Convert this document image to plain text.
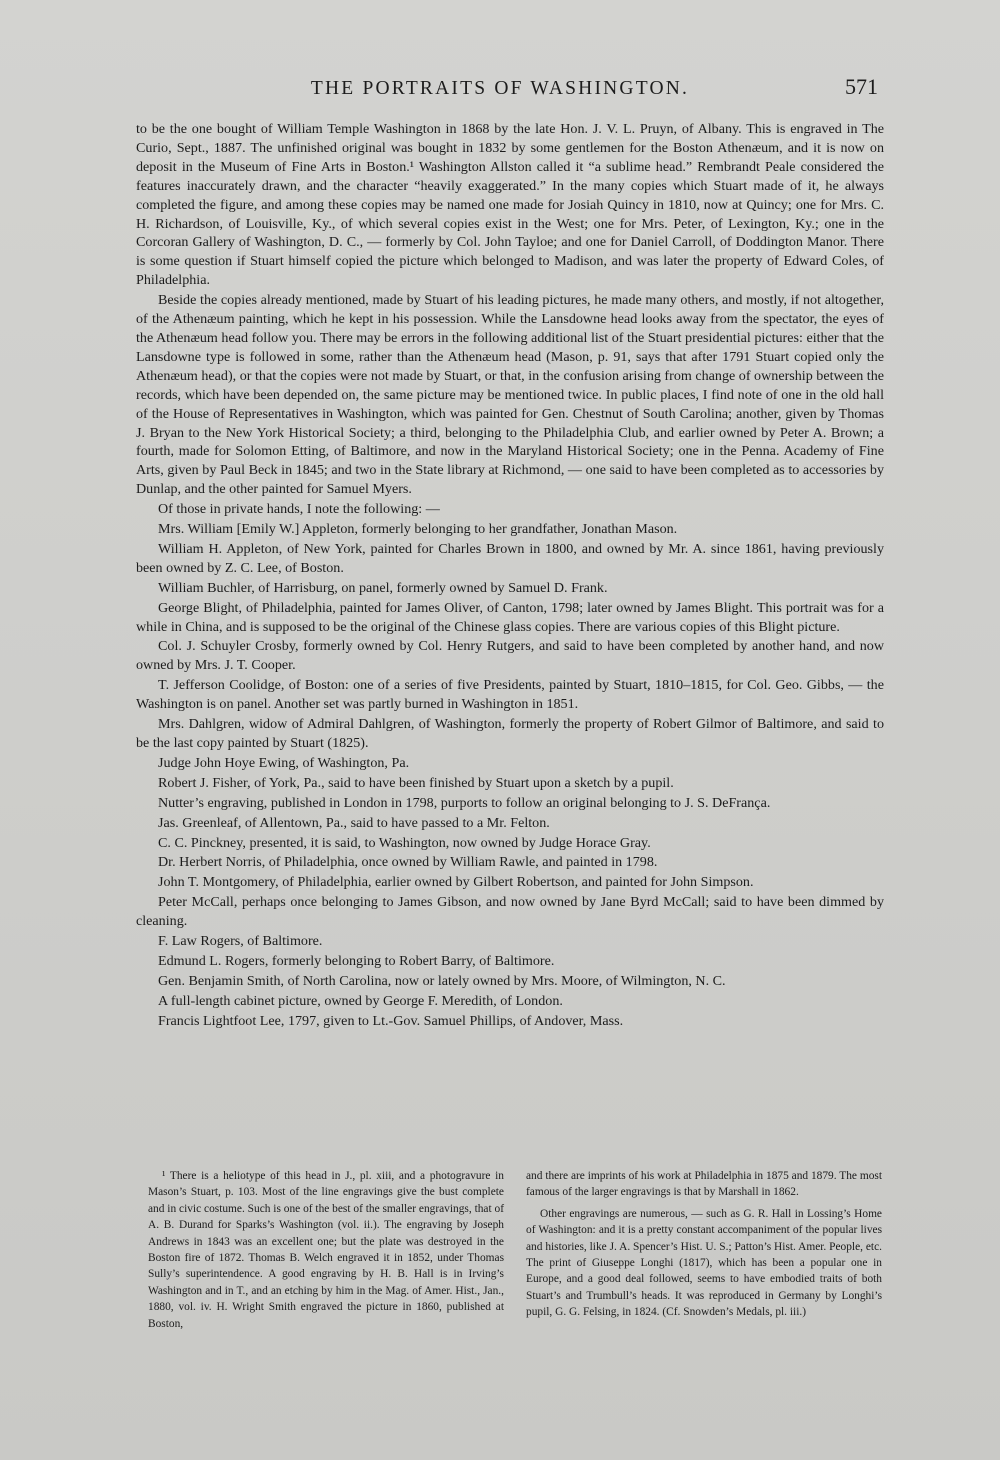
THE PORTRAITS OF WASHINGTON.	571

to be the one bought of William Temple Washington in 1868 by the late Hon. J. V. L. Pruyn, of Albany. This is engraved in The Curio, Sept., 1887. The unfinished original was bought in 1832 by some gentlemen for the Boston Athenæum, and it is now on deposit in the Museum of Fine Arts in Boston.¹ Washington Allston called it “a sublime head.” Rembrandt Peale considered the features inaccurately drawn, and the character “heavily exaggerated.” In the many copies which Stuart made of it, he always completed the figure, and among these copies may be named one made for Josiah Quincy in 1810, now at Quincy; one for Mrs. C. H. Richardson, of Louisville, Ky., of which several copies exist in the West; one for Mrs. Peter, of Lexington, Ky.; one in the Corcoran Gallery of Washington, D. C., — formerly by Col. John Tayloe; and one for Daniel Carroll, of Doddington Manor. There is some question if Stuart himself copied the picture which belonged to Madison, and was later the property of Edward Coles, of Philadelphia.

Beside the copies already mentioned, made by Stuart of his leading pictures, he made many others, and mostly, if not altogether, of the Athenæum painting, which he kept in his possession. While the Lansdowne head looks away from the spectator, the eyes of the Athenæum head follow you. There may be errors in the following additional list of the Stuart presidential pictures: either that the Lansdowne type is followed in some, rather than the Athenæum head (Mason, p. 91, says that after 1791 Stuart copied only the Athenæum head), or that the copies were not made by Stuart, or that, in the confusion arising from change of ownership between the records, which have been depended on, the same picture may be mentioned twice. In public places, I find note of one in the old hall of the House of Representatives in Washington, which was painted for Gen. Chestnut of South Carolina; another, given by Thomas J. Bryan to the New York Historical Society; a third, belonging to the Philadelphia Club, and earlier owned by Peter A. Brown; a fourth, made for Solomon Etting, of Baltimore, and now in the Maryland Historical Society; one in the Penna. Academy of Fine Arts, given by Paul Beck in 1845; and two in the State library at Richmond, — one said to have been completed as to accessories by Dunlap, and the other painted for Samuel Myers.

Of those in private hands, I note the following: —

Mrs. William [Emily W.] Appleton, formerly belonging to her grandfather, Jonathan Mason.

William H. Appleton, of New York, painted for Charles Brown in 1800, and owned by Mr. A. since 1861, having previously been owned by Z. C. Lee, of Boston.

William Buchler, of Harrisburg, on panel, formerly owned by Samuel D. Frank.

George Blight, of Philadelphia, painted for James Oliver, of Canton, 1798; later owned by James Blight. This portrait was for a while in China, and is supposed to be the original of the Chinese glass copies. There are various copies of this Blight picture.

Col. J. Schuyler Crosby, formerly owned by Col. Henry Rutgers, and said to have been completed by another hand, and now owned by Mrs. J. T. Cooper.

T. Jefferson Coolidge, of Boston: one of a series of five Presidents, painted by Stuart, 1810–1815, for Col. Geo. Gibbs, — the Washington is on panel. Another set was partly burned in Washington in 1851.

Mrs. Dahlgren, widow of Admiral Dahlgren, of Washington, formerly the property of Robert Gilmor of Baltimore, and said to be the last copy painted by Stuart (1825).

Judge John Hoye Ewing, of Washington, Pa.

Robert J. Fisher, of York, Pa., said to have been finished by Stuart upon a sketch by a pupil.

Nutter’s engraving, published in London in 1798, purports to follow an original belonging to J. S. DeFrança.

Jas. Greenleaf, of Allentown, Pa., said to have passed to a Mr. Felton.

C. C. Pinckney, presented, it is said, to Washington, now owned by Judge Horace Gray.

Dr. Herbert Norris, of Philadelphia, once owned by William Rawle, and painted in 1798.

John T. Montgomery, of Philadelphia, earlier owned by Gilbert Robertson, and painted for John Simpson.

Peter McCall, perhaps once belonging to James Gibson, and now owned by Jane Byrd McCall; said to have been dimmed by cleaning.

F. Law Rogers, of Baltimore.

Edmund L. Rogers, formerly belonging to Robert Barry, of Baltimore.

Gen. Benjamin Smith, of North Carolina, now or lately owned by Mrs. Moore, of Wilmington, N. C.

A full-length cabinet picture, owned by George F. Meredith, of London.

Francis Lightfoot Lee, 1797, given to Lt.-Gov. Samuel Phillips, of Andover, Mass.

¹ There is a heliotype of this head in J., pl. xiii, and a photogravure in Mason’s Stuart, p. 103. Most of the line engravings give the bust complete and in civic costume. Such is one of the best of the smaller engravings, that of A. B. Durand for Sparks’s Washington (vol. ii.). The engraving by Joseph Andrews in 1843 was an excellent one; but the plate was destroyed in the Boston fire of 1872. Thomas B. Welch engraved it in 1852, under Thomas Sully’s superintendence. A good engraving by H. B. Hall is in Irving’s Washington and in T., and an etching by him in the Mag. of Amer. Hist., Jan., 1880, vol. iv. H. Wright Smith engraved the picture in 1860, published at Boston,

and there are imprints of his work at Philadelphia in 1875 and 1879. The most famous of the larger engravings is that by Marshall in 1862.

Other engravings are numerous, — such as G. R. Hall in Lossing’s Home of Washington: and it is a pretty constant accompaniment of the popular lives and histories, like J. A. Spencer’s Hist. U. S.; Patton’s Hist. Amer. People, etc. The print of Giuseppe Longhi (1817), which has been a popular one in Europe, and a good deal followed, seems to have embodied traits of both Stuart’s and Trumbull’s heads. It was reproduced in Germany by Longhi’s pupil, G. G. Felsing, in 1824. (Cf. Snowden’s Medals, pl. iii.)
